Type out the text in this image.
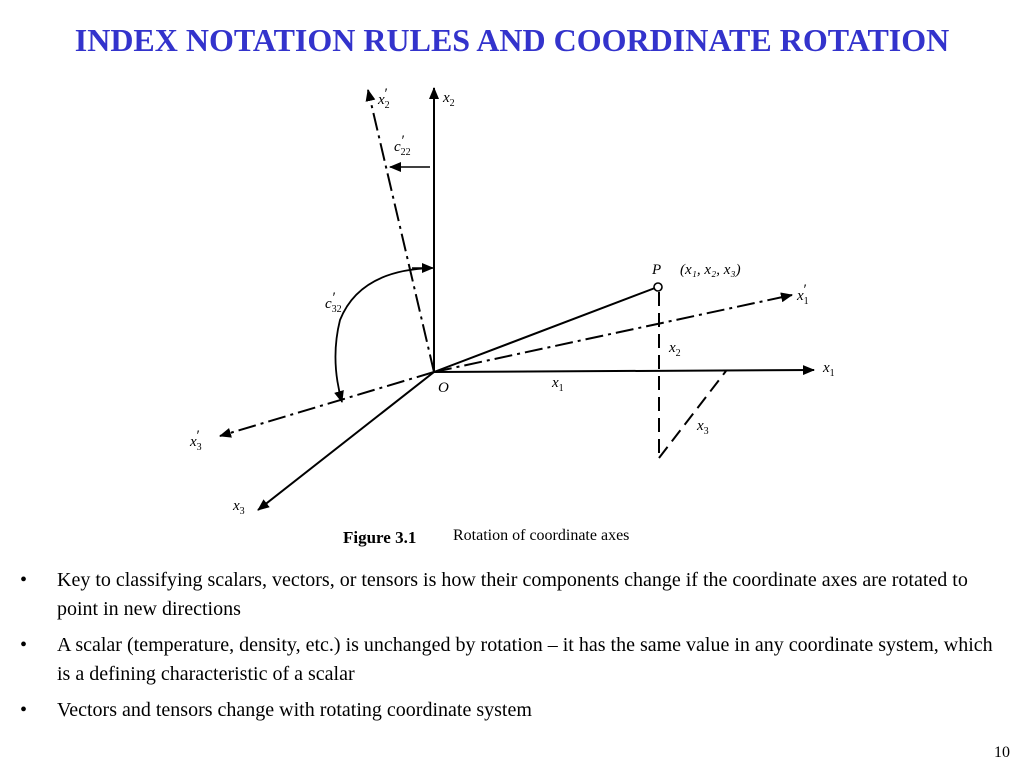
INDEX NOTATION RULES AND COORDINATE ROTATION
$x_2'$	$x_2$
$c_{22}'$
$c_{32}'$
P (x₁, x₂, x₃)
$x_1'$
$x_1$
O	$x_1$
$x_2$
$x_3$
$x_3'$
$x_3$
Figure 3.1 Rotation of coordinate axes
• Key to classifying scalars, vectors, or tensors is how their components change if the coordinate axes are rotated to point in new directions
• A scalar (temperature, density, etc.) is unchanged by rotation – it has the same value in any coordinate system, which is a defining characteristic of a scalar
• Vectors and tensors change with rotating coordinate system
10
